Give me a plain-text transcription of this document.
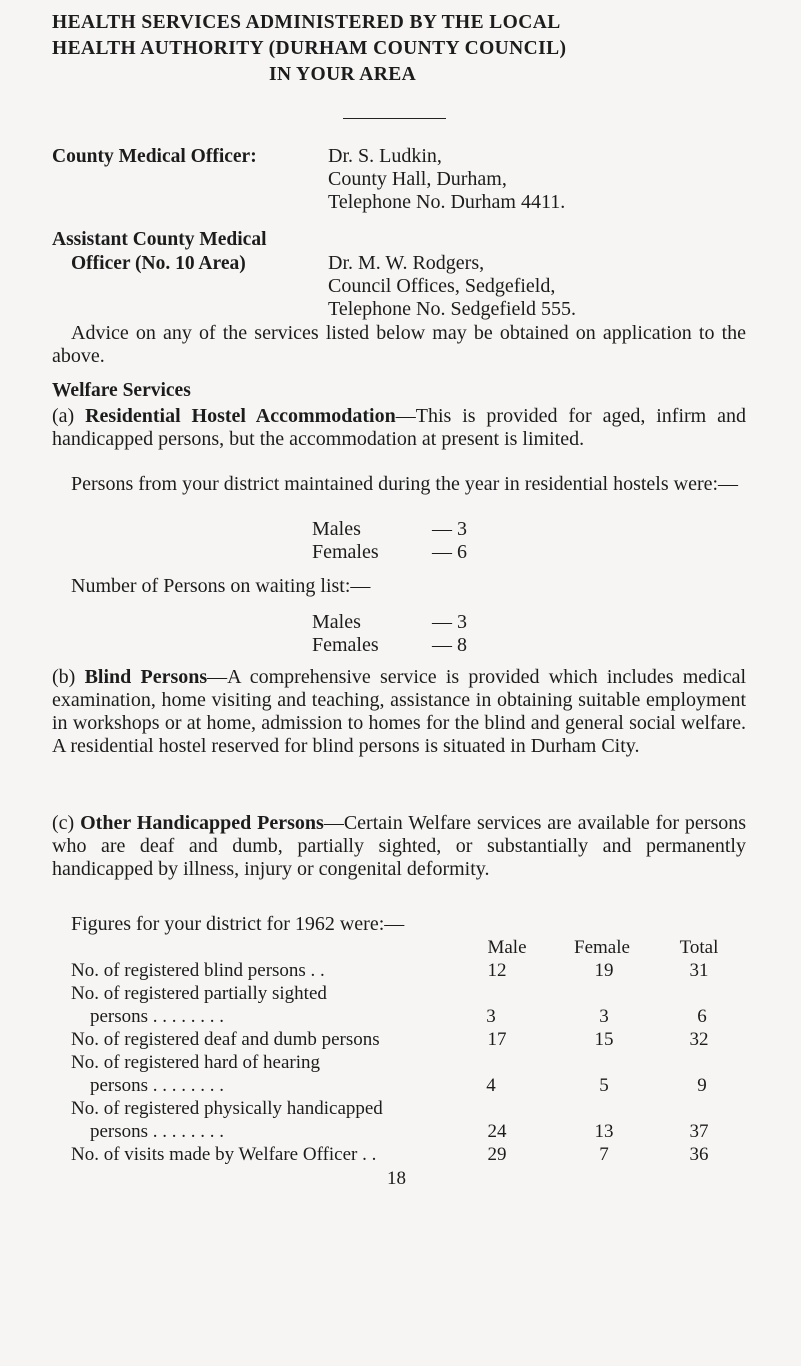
HEALTH SERVICES ADMINISTERED BY THE LOCAL
HEALTH AUTHORITY (DURHAM COUNTY COUNCIL)
IN YOUR AREA
County Medical Officer:	Dr. S. Ludkin,
County Hall, Durham,
Telephone No. Durham 4411.
Assistant County Medical
Officer (No. 10 Area)	Dr. M. W. Rodgers,
Council Offices, Sedgefield,
Telephone No. Sedgefield 555.
Advice on any of the services listed below may be obtained on application to the above.
Welfare Services
(a) Residential Hostel Accommodation—This is provided for aged, infirm and handicapped persons, but the accommodation at present is limited.
Persons from your district maintained during the year in residential hostels were:—
Males	— 3
Females	— 6
Number of Persons on waiting list:—
Males	— 3
Females	— 8
(b) Blind Persons—A comprehensive service is provided which includes medical examination, home visiting and teaching, assistance in obtaining suitable employment in workshops or at home, admission to homes for the blind and general social welfare. A residential hostel reserved for blind persons is situated in Durham City.
(c) Other Handicapped Persons—Certain Welfare services are available for persons who are deaf and dumb, partially sighted, or substantially and permanently handicapped by illness, injury or congenital deformity.
Figures for your district for 1962 were:—
Male	Female	Total
No. of registered blind persons . .	12	19	31
No. of registered partially sighted
persons . . . . . . . .	3	3	6
No. of registered deaf and dumb persons	17	15	32
No. of registered hard of hearing
persons . . . . . . . .	4	5	9
No. of registered physically handicapped
persons . . . . . . . .	24	13	37
No. of visits made by Welfare Officer . .	29	7	36
18
